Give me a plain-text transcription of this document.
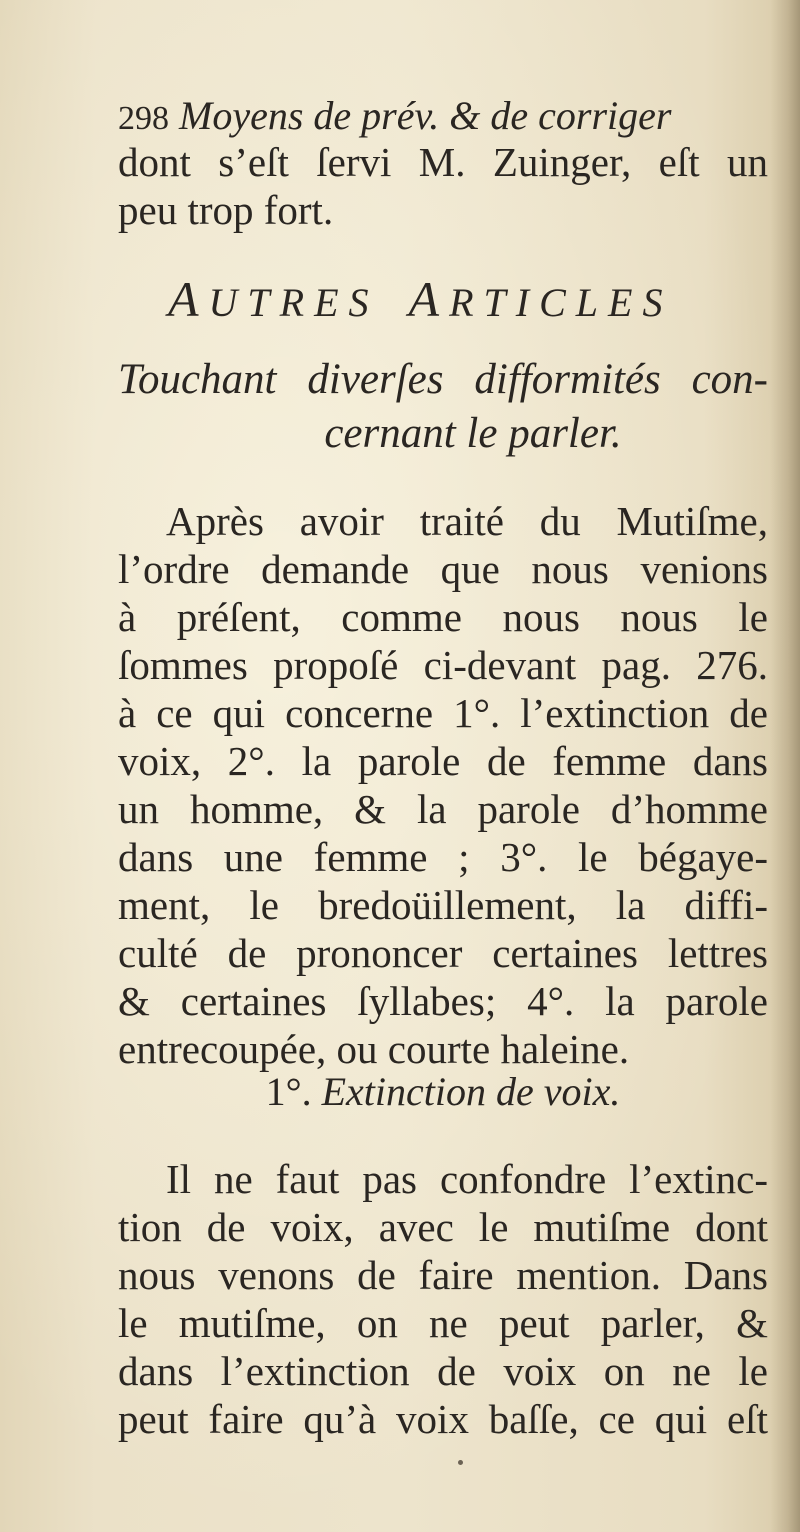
298 Moyens de prév. & de corriger
dont s’eſt ſervi M. Zuinger, eſt un
peu trop fort.
AUTRES ARTICLES
Touchant diverſes difformités con-
cernant le parler.
Après avoir traité du Mutiſme,
l’ordre demande que nous venions
à préſent, comme nous nous le
ſommes propoſé ci-devant pag. 276.
à ce qui concerne 1°. l’extinction de
voix, 2°. la parole de femme dans
un homme, & la parole d’homme
dans une femme ; 3°. le bégaye-
ment, le bredoüillement, la diffi-
culté de prononcer certaines lettres
& certaines ſyllabes; 4°. la parole
entrecoupée, ou courte haleine.
1°. Extinction de voix.
Il ne faut pas confondre l’extinc-
tion de voix, avec le mutiſme dont
nous venons de faire mention. Dans
le mutiſme, on ne peut parler, &
dans l’extinction de voix on ne le
peut faire qu’à voix baſſe, ce qui eſt
